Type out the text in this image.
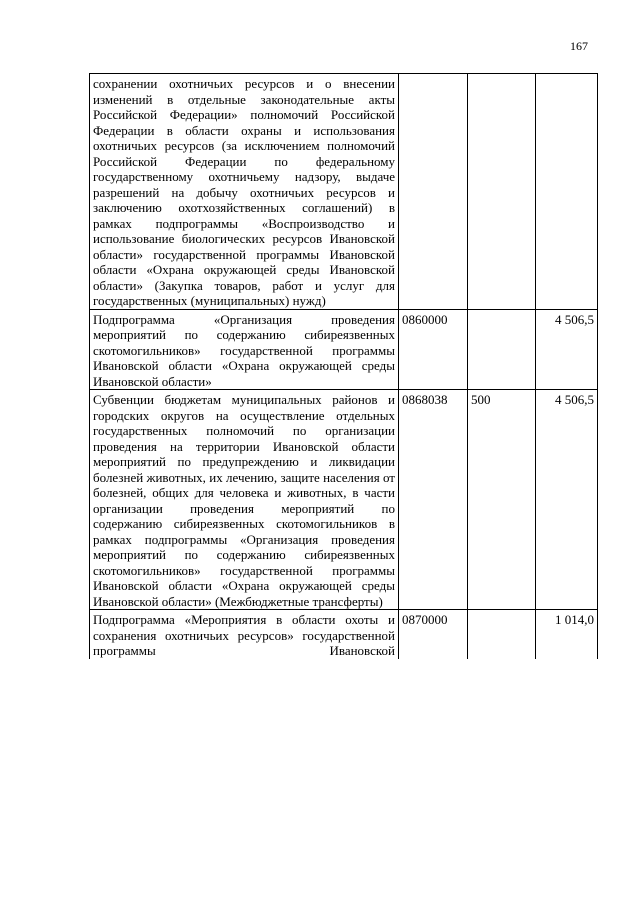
167
сохранении охотничьих ресурсов и о внесении изменений в отдельные законодательные акты Российской Федерации» полномочий Российской Федерации в области охраны и использования охотничьих ресурсов (за исключением полномочий Российской Федерации по федеральному государственному охотничьему надзору, выдаче разрешений на добычу охотничьих ресурсов и заключению охотхозяйственных соглашений) в рамках подпрограммы «Воспроизводство и использование биологических ресурсов Ивановской области» государственной программы Ивановской области «Охрана окружающей среды Ивановской области» (Закупка товаров, работ и услуг для государственных (муниципальных) нужд)			
Подпрограмма «Организация проведения мероприятий по содержанию сибиреязвенных скотомогильников» государственной программы Ивановской области «Охрана окружающей среды Ивановской области»	0860000		4 506,5
Субвенции бюджетам муниципальных районов и городских округов на осуществление отдельных государственных полномочий по организации проведения на территории Ивановской области мероприятий по предупреждению и ликвидации болезней животных, их лечению, защите населения от болезней, общих для человека и животных, в части организации проведения мероприятий по содержанию сибиреязвенных скотомогильников в рамках подпрограммы «Организация проведения мероприятий по содержанию сибиреязвенных скотомогильников» государственной программы Ивановской области «Охрана окружающей среды Ивановской области» (Межбюджетные трансферты)	0868038	500	4 506,5
Подпрограмма «Мероприятия в области охоты и сохранения охотничьих ресурсов» государственной программы Ивановской	0870000		1 014,0
